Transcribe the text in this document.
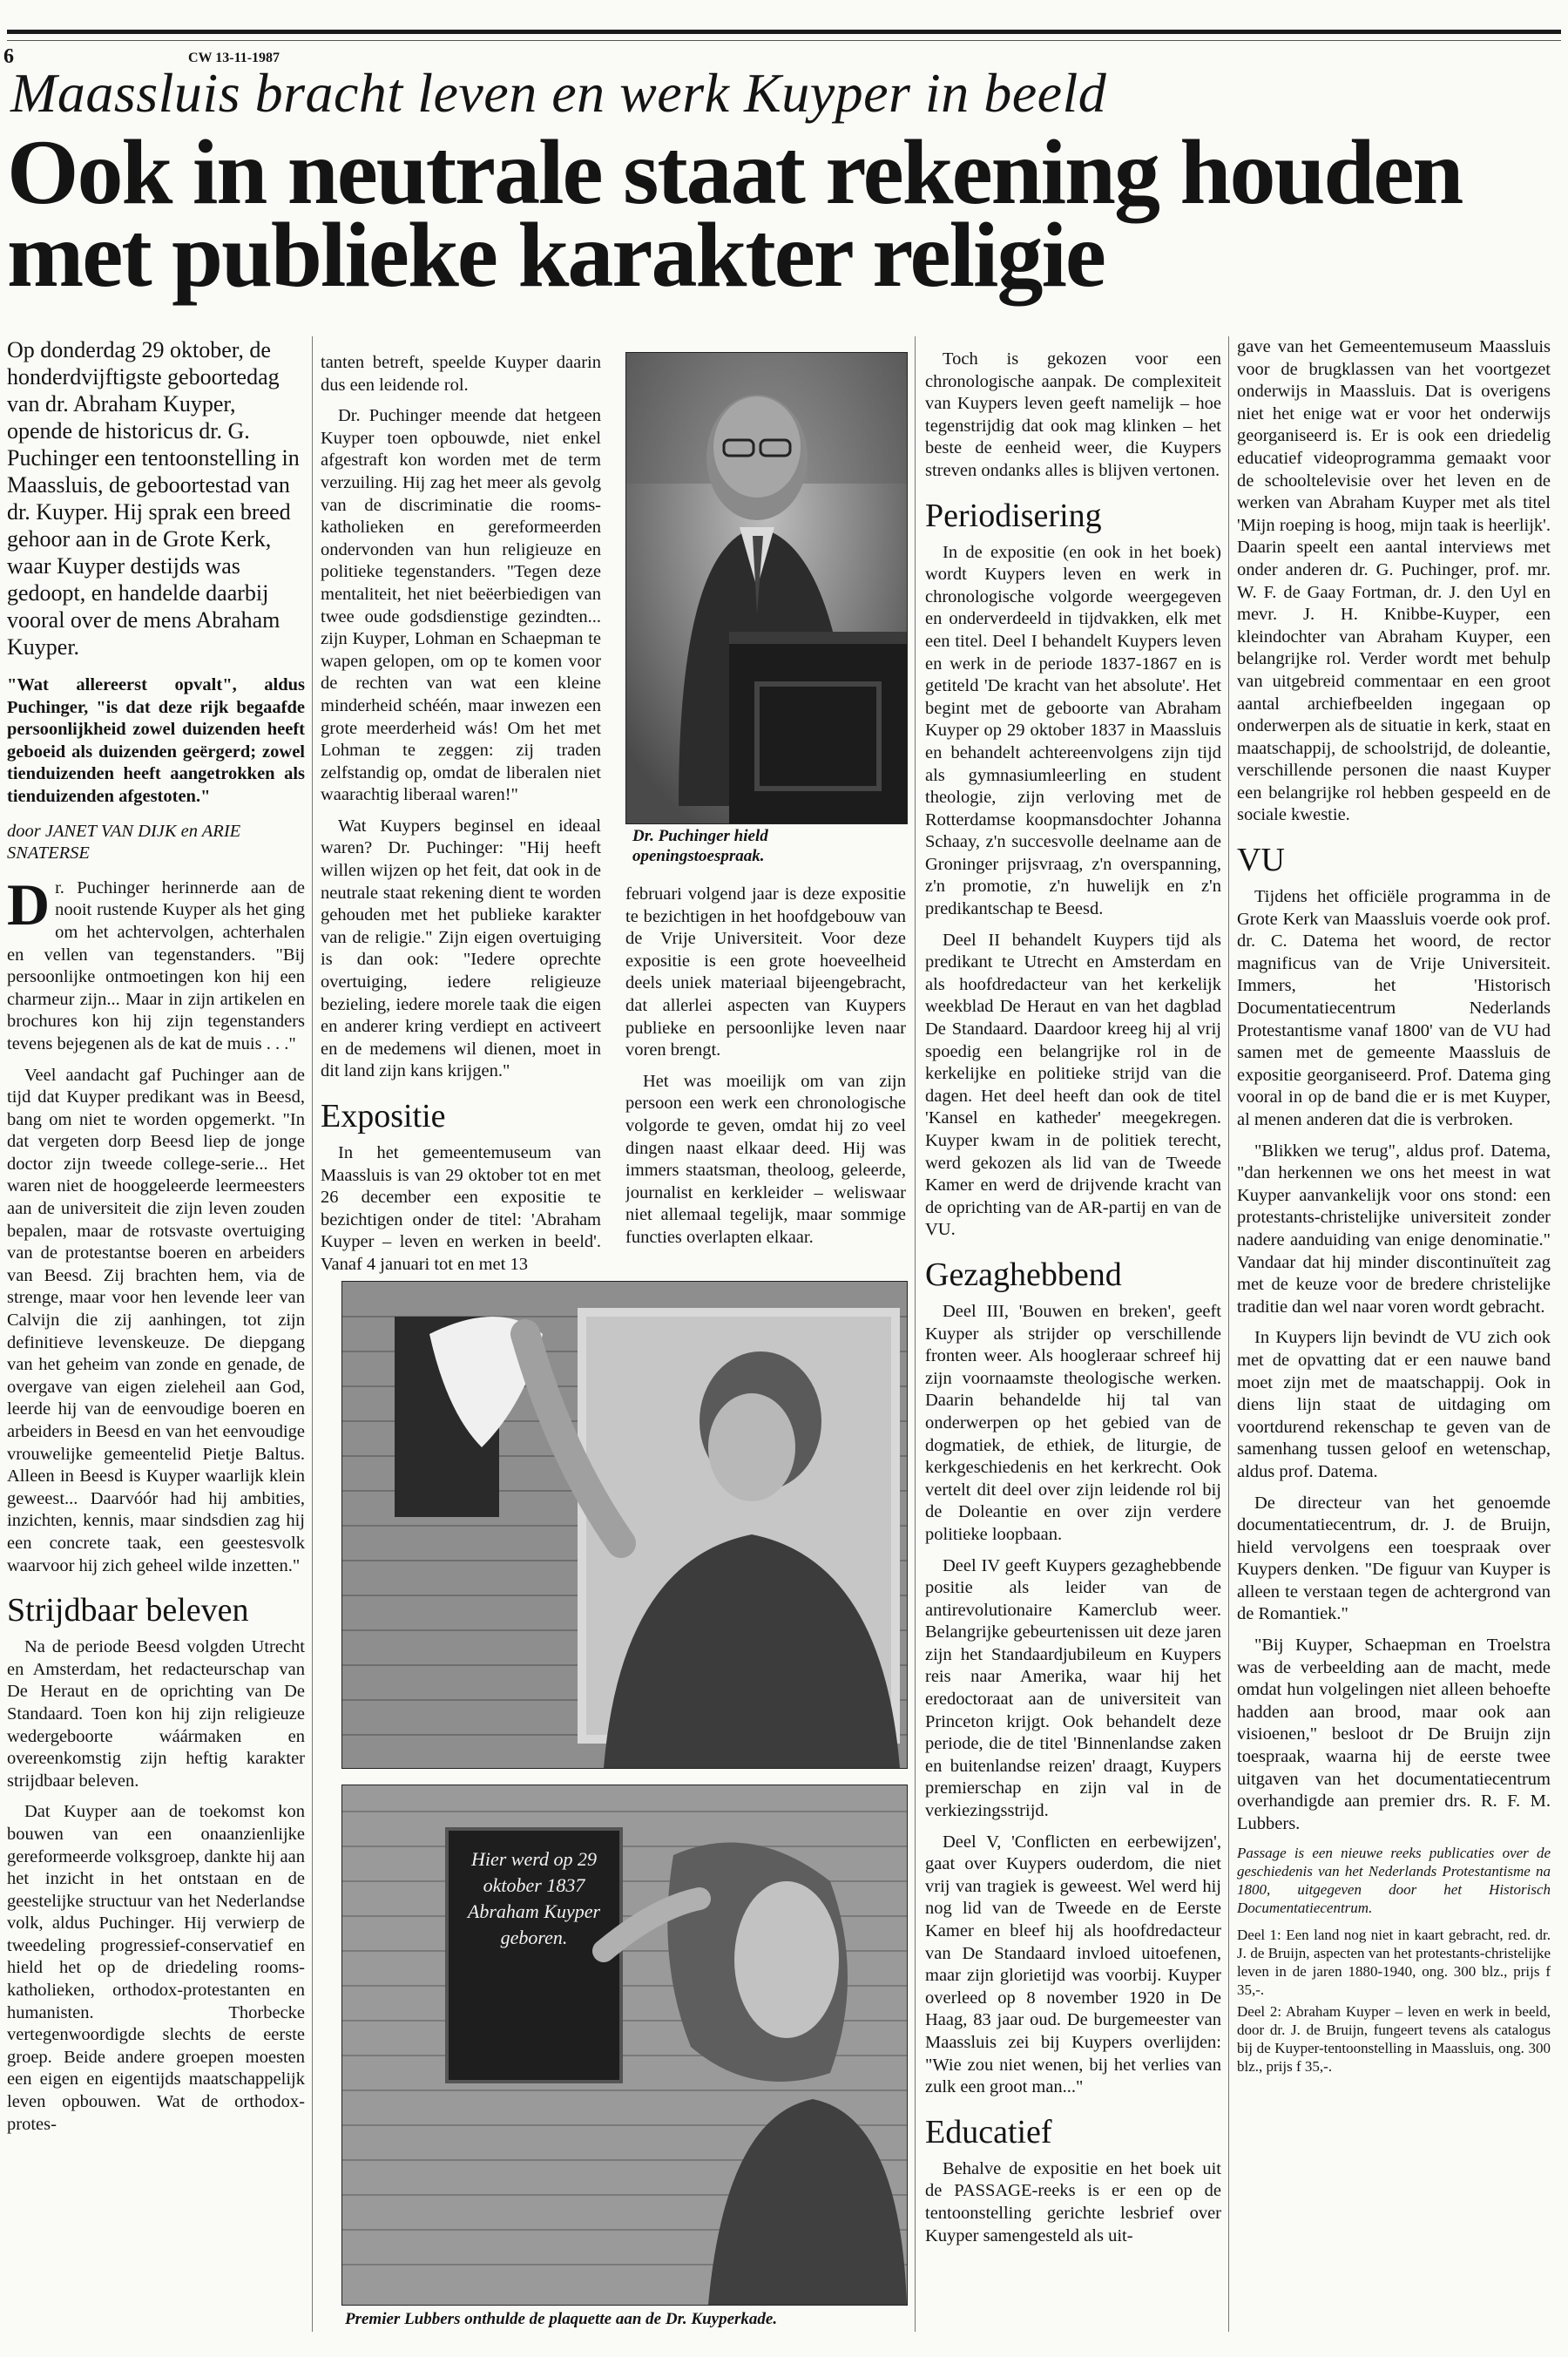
6	CW 13-11-1987
Maassluis bracht leven en werk Kuyper in beeld
Ook in neutrale staat rekening houden met publieke karakter religie

Op donderdag 29 oktober, de honderdvijftigste geboortedag van dr. Abraham Kuyper, opende de historicus dr. G. Puchinger een tentoonstelling in Maassluis, de geboortestad van dr. Kuyper. Hij sprak een breed gehoor aan in de Grote Kerk, waar Kuyper destijds was gedoopt, en handelde daarbij vooral over de mens Abraham Kuyper.

"Wat allereerst opvalt", aldus Puchinger, "is dat deze rijk begaafde persoonlijkheid zowel duizenden heeft geboeid als duizenden geërgerd; zowel tienduizenden heeft aangetrokken als tienduizenden afgestoten."

door JANET VAN DIJK en ARIE SNATERSE

Dr. Puchinger herinnerde aan de nooit rustende Kuyper als het ging om het achtervolgen, achterhalen en vellen van tegenstanders. "Bij persoonlijke ontmoetingen kon hij een charmeur zijn... Maar in zijn artikelen en brochures kon hij zijn tegenstanders tevens bejegenen als de kat de muis . . ."

Veel aandacht gaf Puchinger aan de tijd dat Kuyper predikant was in Beesd, bang om niet te worden opgemerkt. "In dat vergeten dorp Beesd liep de jonge doctor zijn tweede college-serie... Het waren niet de hooggeleerde leermeesters aan de universiteit die zijn leven zouden bepalen, maar de rotsvaste overtuiging van de protestantse boeren en arbeiders van Beesd. Zij brachten hem, via de strenge, maar voor hen levende leer van Calvijn die zij aanhingen, tot zijn definitieve levenskeuze. De diepgang van het geheim van zonde en genade, de overgave van eigen zieleheil aan God, leerde hij van de eenvoudige boeren en arbeiders in Beesd en van het eenvoudige vrouwelijke gemeentelid Pietje Baltus. Alleen in Beesd is Kuyper waarlijk klein geweest... Daarvóór had hij ambities, inzichten, kennis, maar sindsdien zag hij een concrete taak, een geestesvolk waarvoor hij zich geheel wilde inzetten."

Strijdbaar beleven

Na de periode Beesd volgden Utrecht en Amsterdam, het redacteurschap van De Heraut en de oprichting van De Standaard. Toen kon hij zijn religieuze wedergeboorte wáármaken en overeenkomstig zijn heftig karakter strijdbaar beleven.

Dat Kuyper aan de toekomst kon bouwen van een onaanzienlijke gereformeerde volksgroep, dankte hij aan het inzicht in het ontstaan en de geestelijke structuur van het Nederlandse volk, aldus Puchinger. Hij verwierp de tweedeling progressief-conservatief en hield het op de driedeling rooms-katholieken, orthodox-protestanten en humanisten. Thorbecke vertegenwoordigde slechts de eerste groep. Beide andere groepen moesten een eigen en eigentijds maatschappelijk leven opbouwen. Wat de orthodox-protes-

tanten betreft, speelde Kuyper daarin dus een leidende rol.

Dr. Puchinger meende dat hetgeen Kuyper toen opbouwde, niet enkel afgestraft kon worden met de term verzuiling. Hij zag het meer als gevolg van de discriminatie die rooms-katholieken en gereformeerden ondervonden van hun religieuze en politieke tegenstanders. "Tegen deze mentaliteit, het niet beëerbiedigen van twee oude godsdienstige gezindten... zijn Kuyper, Lohman en Schaepman te wapen gelopen, om op te komen voor de rechten van wat een kleine minderheid schéén, maar inwezen een grote meerderheid wás! Om het met Lohman te zeggen: zij traden zelfstandig op, omdat de liberalen niet waarachtig liberaal waren!"

Wat Kuypers beginsel en ideaal waren? Dr. Puchinger: "Hij heeft willen wijzen op het feit, dat ook in de neutrale staat rekening dient te worden gehouden met het publieke karakter van de religie." Zijn eigen overtuiging is dan ook: "Iedere oprechte overtuiging, iedere religieuze bezieling, iedere morele taak die eigen en anderer kring verdiept en activeert en de medemens wil dienen, moet in dit land zijn kans krijgen."

Expositie

In het gemeentemuseum van Maassluis is van 29 oktober tot en met 26 december een expositie te bezichtigen onder de titel: 'Abraham Kuyper – leven en werken in beeld'. Vanaf 4 januari tot en met 13

Dr. Puchinger hield openingstoespraak.

februari volgend jaar is deze expositie te bezichtigen in het hoofdgebouw van de Vrije Universiteit. Voor deze expositie is een grote hoeveelheid deels uniek materiaal bijeengebracht, dat allerlei aspecten van Kuypers publieke en persoonlijke leven naar voren brengt.

Het was moeilijk om van zijn persoon een werk een chronologische volgorde te geven, omdat hij zo veel dingen naast elkaar deed. Hij was immers staatsman, theoloog, geleerde, journalist en kerkleider – weliswaar niet allemaal tegelijk, maar sommige functies overlapten elkaar.

Hier werd op 29 oktober 1837 Abraham Kuyper geboren.
Premier Lubbers onthulde de plaquette aan de Dr. Kuyperkade.

Toch is gekozen voor een chronologische aanpak. De complexiteit van Kuypers leven geeft namelijk – hoe tegenstrijdig dat ook mag klinken – het beste de eenheid weer, die Kuypers streven ondanks alles is blijven vertonen.

Periodisering

In de expositie (en ook in het boek) wordt Kuypers leven en werk in chronologische volgorde weergegeven en onderverdeeld in tijdvakken, elk met een titel. Deel I behandelt Kuypers leven en werk in de periode 1837-1867 en is getiteld 'De kracht van het absolute'. Het begint met de geboorte van Abraham Kuyper op 29 oktober 1837 in Maassluis en behandelt achtereenvolgens zijn tijd als gymnasiumleerling en student theologie, zijn verloving met de Rotterdamse koopmansdochter Johanna Schaay, z'n succesvolle deelname aan de Groninger prijsvraag, z'n overspanning, z'n promotie, z'n huwelijk en z'n predikantschap te Beesd.

Deel II behandelt Kuypers tijd als predikant te Utrecht en Amsterdam en als hoofdredacteur van het kerkelijk weekblad De Heraut en van het dagblad De Standaard. Daardoor kreeg hij al vrij spoedig een belangrijke rol in de kerkelijke en politieke strijd van die dagen. Het deel heeft dan ook de titel 'Kansel en katheder' meegekregen. Kuyper kwam in de politiek terecht, werd gekozen als lid van de Tweede Kamer en werd de drijvende kracht van de oprichting van de AR-partij en van de VU.

Gezaghebbend

Deel III, 'Bouwen en breken', geeft Kuyper als strijder op verschillende fronten weer. Als hoogleraar schreef hij zijn voornaamste theologische werken. Daarin behandelde hij tal van onderwerpen op het gebied van de dogmatiek, de ethiek, de liturgie, de kerkgeschiedenis en het kerkrecht. Ook vertelt dit deel over zijn leidende rol bij de Doleantie en over zijn verdere politieke loopbaan.

Deel IV geeft Kuypers gezaghebbende positie als leider van de antirevolutionaire Kamerclub weer. Belangrijke gebeurtenissen uit deze jaren zijn het Standaardjubileum en Kuypers reis naar Amerika, waar hij het eredoctoraat aan de universiteit van Princeton krijgt. Ook behandelt deze periode, die de titel 'Binnenlandse zaken en buitenlandse reizen' draagt, Kuypers premierschap en zijn val in de verkiezingsstrijd.

Deel V, 'Conflicten en eerbewijzen', gaat over Kuypers ouderdom, die niet vrij van tragiek is geweest. Wel werd hij nog lid van de Tweede en de Eerste Kamer en bleef hij als hoofdredacteur van De Standaard invloed uitoefenen, maar zijn glorietijd was voorbij. Kuyper overleed op 8 november 1920 in De Haag, 83 jaar oud. De burgemeester van Maassluis zei bij Kuypers overlijden: "Wie zou niet wenen, bij het verlies van zulk een groot man..."

Educatief

Behalve de expositie en het boek uit de PASSAGE-reeks is er een op de tentoonstelling gerichte lesbrief over Kuyper samengesteld als uit-

gave van het Gemeentemuseum Maassluis voor de brugklassen van het voortgezet onderwijs in Maassluis. Dat is overigens niet het enige wat er voor het onderwijs georganiseerd is. Er is ook een driedelig educatief videoprogramma gemaakt voor de schooltelevisie over het leven en de werken van Abraham Kuyper met als titel 'Mijn roeping is hoog, mijn taak is heerlijk'. Daarin speelt een aantal interviews met onder anderen dr. G. Puchinger, prof. mr. W. F. de Gaay Fortman, dr. J. den Uyl en mevr. J. H. Knibbe-Kuyper, een kleindochter van Abraham Kuyper, een belangrijke rol. Verder wordt met behulp van uitgebreid commentaar en een groot aantal archiefbeelden ingegaan op onderwerpen als de situatie in kerk, staat en maatschappij, de schoolstrijd, de doleantie, verschillende personen die naast Kuyper een belangrijke rol hebben gespeeld en de sociale kwestie.

VU

Tijdens het officiële programma in de Grote Kerk van Maassluis voerde ook prof. dr. C. Datema het woord, de rector magnificus van de Vrije Universiteit. Immers, het 'Historisch Documentatiecentrum Nederlands Protestantisme vanaf 1800' van de VU had samen met de gemeente Maassluis de expositie georganiseerd. Prof. Datema ging vooral in op de band die er is met Kuyper, al menen anderen dat die is verbroken.

"Blikken we terug", aldus prof. Datema, "dan herkennen we ons het meest in wat Kuyper aanvankelijk voor ons stond: een protestants-christelijke universiteit zonder nadere aanduiding van enige denominatie." Vandaar dat hij minder discontinuïteit zag met de keuze voor de bredere christelijke traditie dan wel naar voren wordt gebracht.

In Kuypers lijn bevindt de VU zich ook met de opvatting dat er een nauwe band moet zijn met de maatschappij. Ook in diens lijn staat de uitdaging om voortdurend rekenschap te geven van de samenhang tussen geloof en wetenschap, aldus prof. Datema.

De directeur van het genoemde documentatiecentrum, dr. J. de Bruijn, hield vervolgens een toespraak over Kuypers denken. "De figuur van Kuyper is alleen te verstaan tegen de achtergrond van de Romantiek."

"Bij Kuyper, Schaepman en Troelstra was de verbeelding aan de macht, mede omdat hun volgelingen niet alleen behoefte hadden aan brood, maar ook aan visioenen," besloot dr De Bruijn zijn toespraak, waarna hij de eerste twee uitgaven van het documentatiecentrum overhandigde aan premier drs. R. F. M. Lubbers.

Passage is een nieuwe reeks publicaties over de geschiedenis van het Nederlands Protestantisme na 1800, uitgegeven door het Historisch Documentatiecentrum.

Deel 1: Een land nog niet in kaart gebracht, red. dr. J. de Bruijn, aspecten van het protestants-christelijke leven in de jaren 1880-1940, ong. 300 blz., prijs f 35,-.

Deel 2: Abraham Kuyper – leven en werk in beeld, door dr. J. de Bruijn, fungeert tevens als catalogus bij de Kuyper-tentoonstelling in Maassluis, ong. 300 blz., prijs f 35,-.
